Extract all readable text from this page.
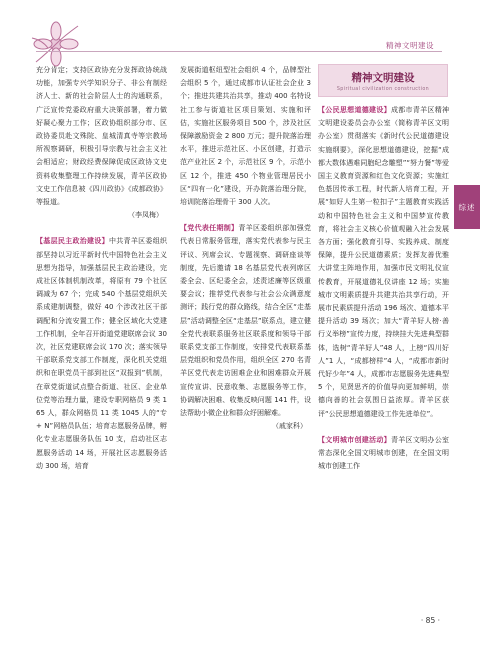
精神文明建设

充分肯定；支持区政协充分发挥政协统战功能，加强专兴学知识分子、非公有制经济人士、新的社会阶层人士的沟通联系，广泛宣传党委政府重大决策部署，着力做好凝心聚力工作；区政协组织部分市、区政协委员赴文殊院、皇城清真寺等宗教场所视察调研，积极引导宗教与社会主义社会相适应；财政经费保障促成区政协文史资料收集整理工作持续发展，青羊区政协文史工作信息被《四川政协》《成都政协》等报道。

（李凤梅）

【基层民主政治建设】中共青羊区委组织部坚持以习近平新时代中国特色社会主义思想为指导，加强基层民主政治建设，完成社区体制机制改革，将原有 79 个社区调减为 67 个；完成 540 个基层党组织关系成建制调整，做好 40 个涉改社区干部调配和分流安置工作；健全区域化大党建工作机制，全年召开街道党建联席会议 30 次，社区党建联席会议 170 次；落实领导干部联系党支部工作制度，深化机关党组织和在职党员干部到社区“双报到”机制，在章党街道试点整合街道、社区、企业单位党等治理力量，建设专职网格员 9 类 165 人，群众网格员 11 类 1045 人的“专 + N”网格员队伍；培育志愿服务品牌，孵化专业志愿服务队伍 10 支，启动社区志愿服务活动 14 场，开展社区志愿服务活动 300 场，培育

发展街道枢纽型社会组织 4 个，品牌型社会组织 5 个，通过成都市认证社会企业 3 个；推进共建共治共享，推动 400 名特设社工参与街道社区项目策划、实施和评估，实施社区服务项目 500 个，涉及社区保障激励资金 2 800 万元；提升院落治理水平，推进示范社区、小区创建，打造示范产业社区 2 个，示范社区 9 个，示范小区 12 个，推进 450 个物业管理居民小区“四有一化”建设，开办院落治理分院，培训院落治理骨干 300 人次。

【党代表任期制】青羊区委组织部加强党代表日常服务管理，落实党代表参与民主评议、列席会议、专题视察、调研座谈等制度，先后邀请 18 名基层党代表列席区委全会、区纪委全会，述责述廉等区级重要会议；推荐党代表参与社会公众满意度测评；践行党的群众路线，结合全区“走基层”活动调整全区“走基层”联系点，建立健全党代表联系服务社区联系度和领导干部联系党支部工作制度，安排党代表联系基层党组织和党员作用，组织全区 270 名青羊区党代表走访困难企业和困难群众开展宣传宣讲、民意收集、志愿服务等工作，协调解决困难、收集反映问题 141 件，设法帮助小微企业和群众纾困解难。

（戚家科）

精神文明建设
Spiritual civilization construction

【公民思想道德建设】成都市青羊区精神文明建设委员会办公室（简称青羊区文明办公室）贯彻落实《新时代公民道德建设实施纲要》，深化思想道德建设，挖掘“成都大数体遇难同胞纪念雕塑”“努力餐”等爱国主义教育资源和红色文化资源；实施红色基因传承工程，时代新人培育工程，开展“如好人生第一粒扣子”主题教育实践活动和中国特色社会主义和中国梦宣传教育，将社会主义核心价值观融入社会发展各方面；强化教育引导、实践养成、制度保障，提升公民道德素质；发挥友善优雅大讲堂主阵地作用，加强市民文明礼仪宣传教育，开展道德礼仪讲座 12 场；实施城市文明素质提升共建共治共享行动，开展市民素质提升活动 196 场次、道德本平提升活动 39 场次；加大“青羊好人榜·善行义举榜”宣传力度，持续挂大先进典型群体，选树“青羊好人”48 人，上榜“四川好人”1 人，“成都榜样”4 人，“成都市新时代好少年”4 人，成都市志愿服务先进典型 5 个，见贤思齐的价值导向更加鲜明，崇德向善的社会氛围日益浓厚。青羊区获评“公民思想道德建设工作先进单位”。

【文明城市创建活动】青羊区文明办公室常态深化全国文明城市创建，在全国文明城市创建工作

综述
· 85 ·
